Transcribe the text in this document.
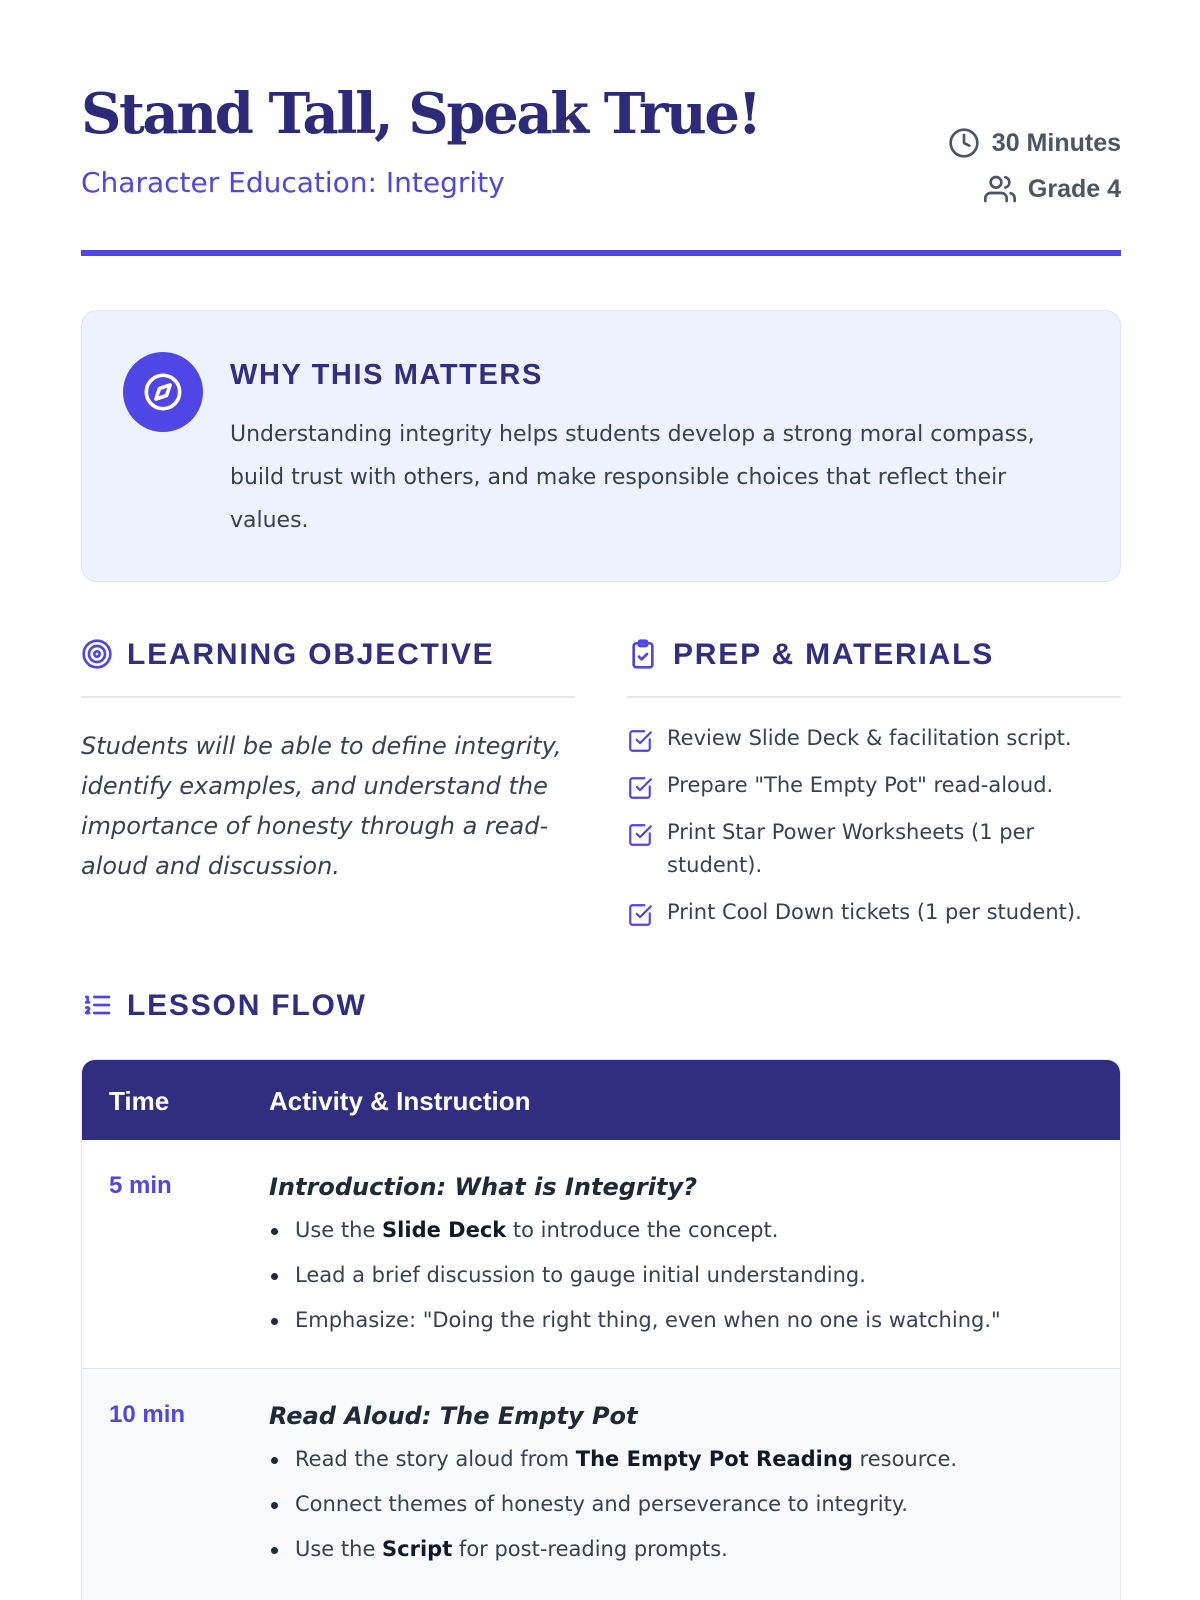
Stand Tall, Speak True!
Character Education: Integrity
30 Minutes
Grade 4
WHY THIS MATTERS
Understanding integrity helps students develop a strong moral compass, build trust with others, and make responsible choices that reflect their values.
LEARNING OBJECTIVE
Students will be able to define integrity, identify examples, and understand the importance of honesty through a read-aloud and discussion.
PREP & MATERIALS
Review Slide Deck & facilitation script.
Prepare "The Empty Pot" read-aloud.
Print Star Power Worksheets (1 per student).
Print Cool Down tickets (1 per student).
LESSON FLOW
Time	Activity & Instruction
5 min	Introduction: What is Integrity?
Use the Slide Deck to introduce the concept.
Lead a brief discussion to gauge initial understanding.
Emphasize: "Doing the right thing, even when no one is watching."
10 min	Read Aloud: The Empty Pot
Read the story aloud from The Empty Pot Reading resource.
Connect themes of honesty and perseverance to integrity.
Use the Script for post-reading prompts.
